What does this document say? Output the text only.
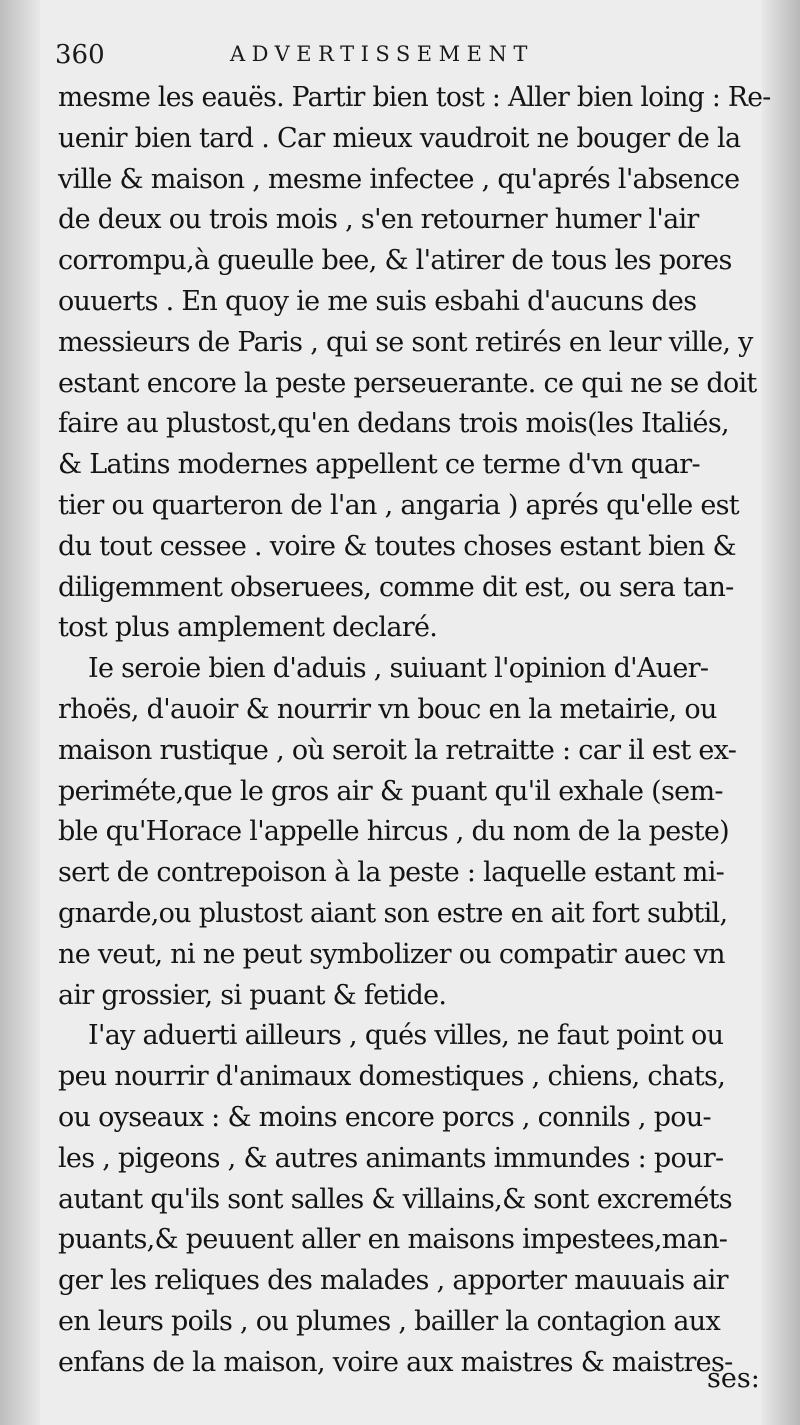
360	ADVERTISSEMENT
mesme les eauës. Partir bien tost : Aller bien loing : Re-
uenir bien tard . Car mieux vaudroit ne bouger de la
ville & maison , mesme infectee , qu'aprés l'absence
de deux ou trois mois , s'en retourner humer l'air
corrompu,à gueulle bee, & l'atirer de tous les pores
ouuerts . En quoy ie me suis esbahi d'aucuns des
messieurs de Paris , qui se sont retirés en leur ville, y
estant encore la peste perseuerante. ce qui ne se doit
faire au plustost,qu'en dedans trois mois(les Italiés,
& Latins modernes appellent ce terme d'vn quar-
tier ou quarteron de l'an , angaria ) aprés qu'elle est
du tout cessee . voire & toutes choses estant bien &
diligemment obseruees, comme dit est, ou sera tan-
tost plus amplement declaré.
Ie seroie bien d'aduis , suiuant l'opinion d'Auer-
rhoës, d'auoir & nourrir vn bouc en la metairie, ou
maison rustique , où seroit la retraitte : car il est ex-
periméte,que le gros air & puant qu'il exhale (sem-
ble qu'Horace l'appelle hircus , du nom de la peste)
sert de contrepoison à la peste : laquelle estant mi-
gnarde,ou plustost aiant son estre en ait fort subtil,
ne veut, ni ne peut symbolizer ou compatir auec vn
air grossier, si puant & fetide.
I'ay aduerti ailleurs , qués villes, ne faut point ou
peu nourrir d'animaux domestiques , chiens, chats,
ou oyseaux : & moins encore porcs , connils , pou-
les , pigeons , & autres animants immundes : pour-
autant qu'ils sont salles & villains,& sont excreméts
puants,& peuuent aller en maisons impestees,man-
ger les reliques des malades , apporter mauuais air
en leurs poils , ou plumes , bailler la contagion aux
enfans de la maison, voire aux maistres & maistres-
ses:
